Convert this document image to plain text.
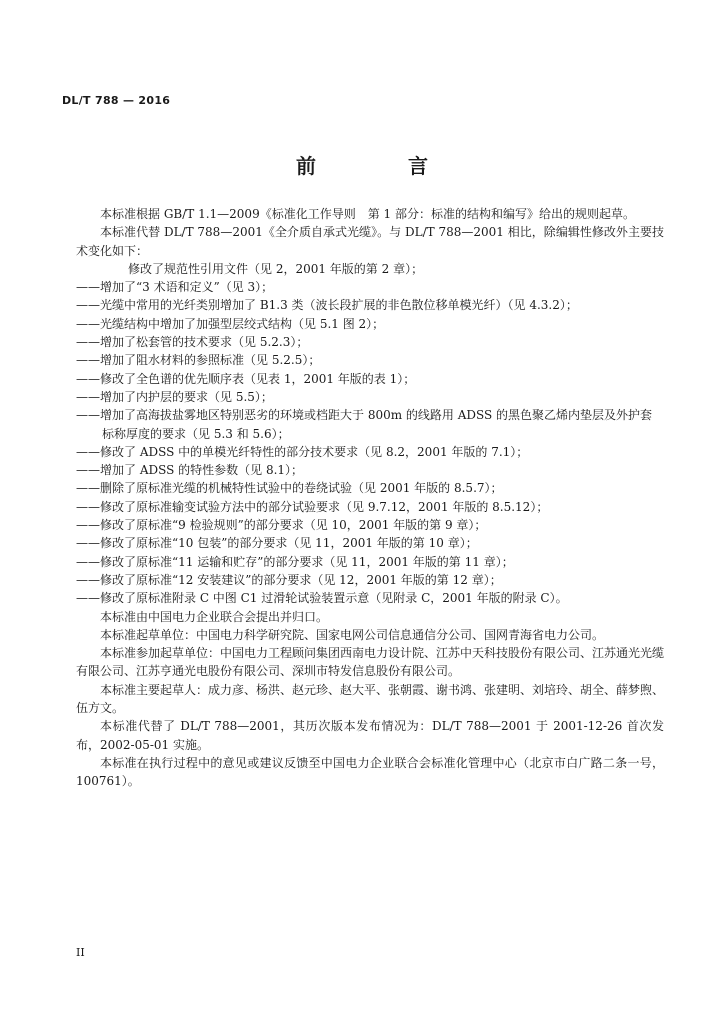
DL/T 788 — 2016
前　言

本标准根据 GB/T 1.1—2009《标准化工作导则　第 1 部分：标准的结构和编写》给出的规则起草。

本标准代替 DL/T 788—2001《全介质自承式光缆》。与 DL/T 788—2001 相比，除编辑性修改外主要技术变化如下：

修改了规范性引用文件（见 2，2001 年版的第 2 章）；

——增加了“3 术语和定义”（见 3）；

——光缆中常用的光纤类别增加了 B1.3 类（波长段扩展的非色散位移单模光纤）（见 4.3.2）；

——光缆结构中增加了加强型层绞式结构（见 5.1 图 2）；

——增加了松套管的技术要求（见 5.2.3）；

——增加了阻水材料的参照标准（见 5.2.5）；

——修改了全色谱的优先顺序表（见表 1，2001 年版的表 1）；

——增加了内护层的要求（见 5.5）；

——增加了高海拔盐雾地区特别恶劣的环境或档距大于 800m 的线路用 ADSS 的黑色聚乙烯内垫层及外护套标称厚度的要求（见 5.3 和 5.6）；

——修改了 ADSS 中的单模光纤特性的部分技术要求（见 8.2，2001 年版的 7.1）；

——增加了 ADSS 的特性参数（见 8.1）；

——删除了原标准光缆的机械特性试验中的卷绕试验（见 2001 年版的 8.5.7）；

——修改了原标准输变试验方法中的部分试验要求（见 9.7.12，2001 年版的 8.5.12）；

——修改了原标准“9 检验规则”的部分要求（见 10，2001 年版的第 9 章）；

——修改了原标准“10 包装”的部分要求（见 11，2001 年版的第 10 章）；

——修改了原标准“11 运输和贮存”的部分要求（见 11，2001 年版的第 11 章）；

——修改了原标准“12 安装建议”的部分要求（见 12，2001 年版的第 12 章）；

——修改了原标准附录 C 中图 C1 过滑轮试验装置示意（见附录 C，2001 年版的附录 C）。

本标准由中国电力企业联合会提出并归口。

本标准起草单位：中国电力科学研究院、国家电网公司信息通信分公司、国网青海省电力公司。

本标准参加起草单位：中国电力工程顾问集团西南电力设计院、江苏中天科技股份有限公司、江苏通光光缆有限公司、江苏亨通光电股份有限公司、深圳市特发信息股份有限公司。

本标准主要起草人：成力彦、杨洪、赵元珍、赵大平、张朝霞、谢书鸿、张建明、刘培玲、胡全、薛梦煦、伍方文。

本标准代替了 DL/T 788—2001，其历次版本发布情况为：DL/T 788—2001 于 2001-12-26 首次发布，2002-05-01 实施。

本标准在执行过程中的意见或建议反馈至中国电力企业联合会标准化管理中心（北京市白广路二条一号，100761）。

II
